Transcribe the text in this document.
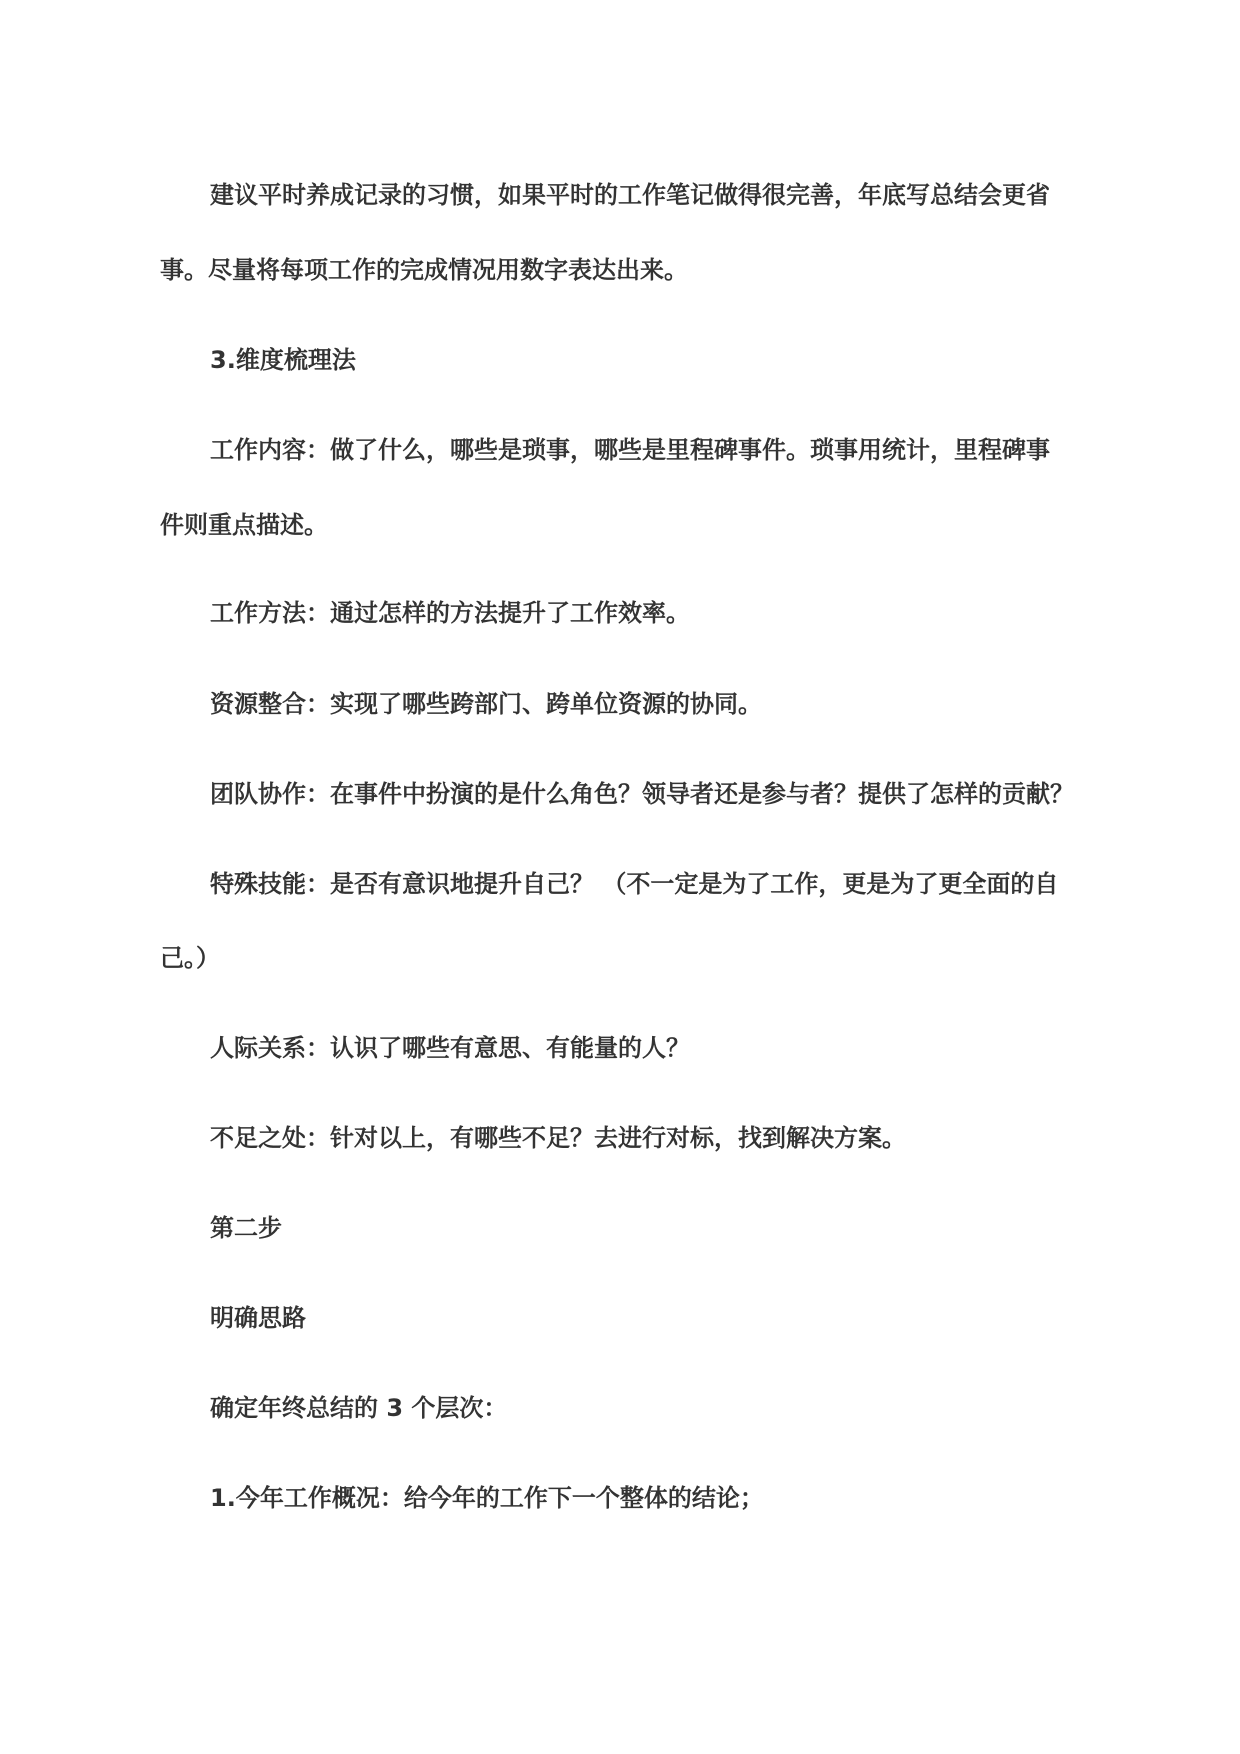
建议平时养成记录的习惯，如果平时的工作笔记做得很完善，年底写总结会更省
事。尽量将每项工作的完成情况用数字表达出来。
3.维度梳理法
工作内容：做了什么，哪些是琐事，哪些是里程碑事件。琐事用统计，里程碑事
件则重点描述。
工作方法：通过怎样的方法提升了工作效率。
资源整合：实现了哪些跨部门、跨单位资源的协同。
团队协作：在事件中扮演的是什么角色？领导者还是参与者？提供了怎样的贡献？
特殊技能：是否有意识地提升自己？ （不一定是为了工作，更是为了更全面的自
己。）
人际关系：认识了哪些有意思、有能量的人？
不足之处：针对以上，有哪些不足？去进行对标，找到解决方案。
第二步
明确思路
确定年终总结的 3 个层次：
1.今年工作概况：给今年的工作下一个整体的结论；
